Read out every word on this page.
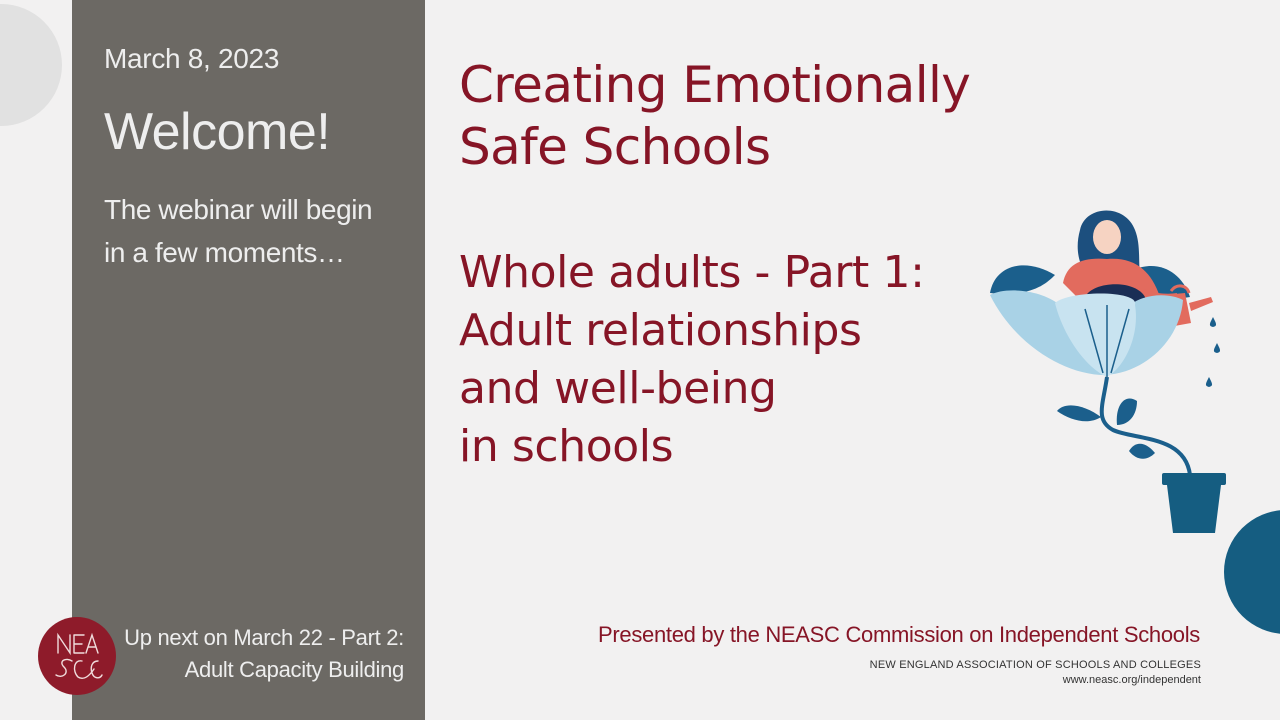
March 8, 2023
Welcome!
The webinar will begin
in a few moments…
Up next on March 22 - Part 2:
Adult Capacity Building
NEASC
Creating Emotionally
Safe Schools
Whole adults - Part 1:
Adult relationships
and well-being
in schools
Presented by the NEASC Commission on Independent Schools
NEW ENGLAND ASSOCIATION OF SCHOOLS AND COLLEGES
www.neasc.org/independent
